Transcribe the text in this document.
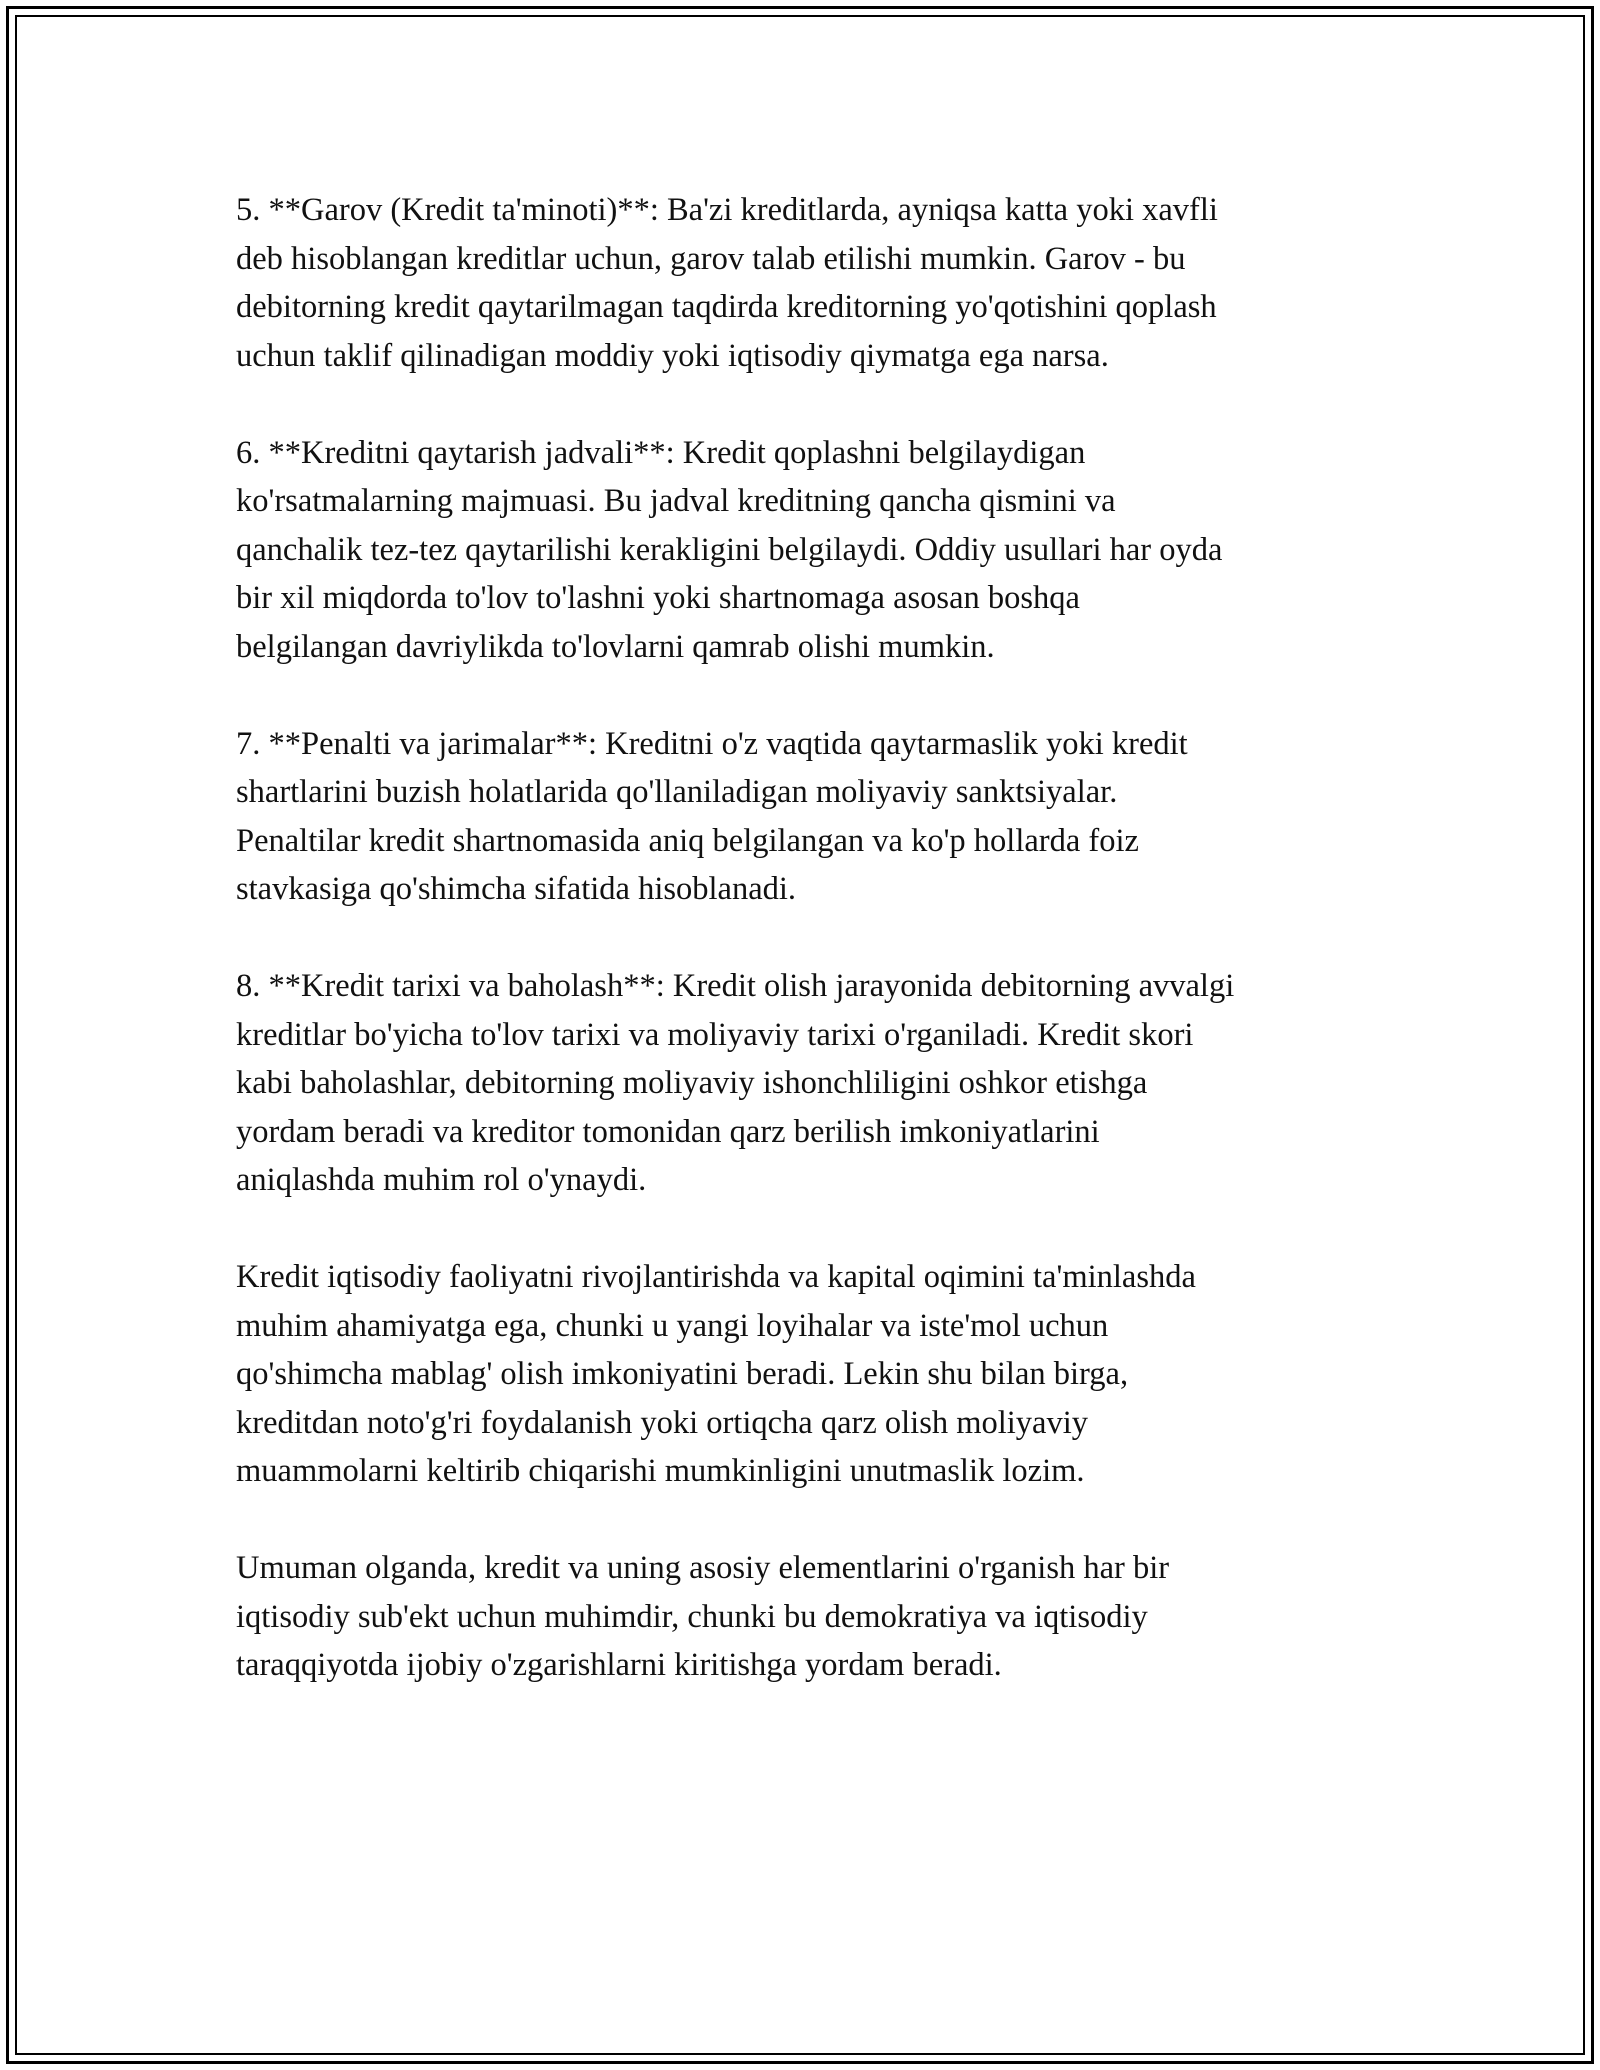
5. **Garov (Kredit ta'minoti)**: Ba'zi kreditlarda, ayniqsa katta yoki xavfli
deb hisoblangan kreditlar uchun, garov talab etilishi mumkin. Garov - bu
debitorning kredit qaytarilmagan taqdirda kreditorning yo'qotishini qoplash
uchun taklif qilinadigan moddiy yoki iqtisodiy qiymatga ega narsa.

6. **Kreditni qaytarish jadvali**: Kredit qoplashni belgilaydigan
ko'rsatmalarning majmuasi. Bu jadval kreditning qancha qismini va
qanchalik tez-tez qaytarilishi kerakligini belgilaydi. Oddiy usullari har oyda
bir xil miqdorda to'lov to'lashni yoki shartnomaga asosan boshqa
belgilangan davriylikda to'lovlarni qamrab olishi mumkin.

7. **Penalti va jarimalar**: Kreditni o'z vaqtida qaytarmaslik yoki kredit
shartlarini buzish holatlarida qo'llaniladigan moliyaviy sanktsiyalar.
Penaltilar kredit shartnomasida aniq belgilangan va ko'p hollarda foiz
stavkasiga qo'shimcha sifatida hisoblanadi.

8. **Kredit tarixi va baholash**: Kredit olish jarayonida debitorning avvalgi
kreditlar bo'yicha to'lov tarixi va moliyaviy tarixi o'rganiladi. Kredit skori
kabi baholashlar, debitorning moliyaviy ishonchliligini oshkor etishga
yordam beradi va kreditor tomonidan qarz berilish imkoniyatlarini
aniqlashda muhim rol o'ynaydi.

Kredit iqtisodiy faoliyatni rivojlantirishda va kapital oqimini ta'minlashda
muhim ahamiyatga ega, chunki u yangi loyihalar va iste'mol uchun
qo'shimcha mablag' olish imkoniyatini beradi. Lekin shu bilan birga,
kreditdan noto'g'ri foydalanish yoki ortiqcha qarz olish moliyaviy
muammolarni keltirib chiqarishi mumkinligini unutmaslik lozim.

Umuman olganda, kredit va uning asosiy elementlarini o'rganish har bir
iqtisodiy sub'ekt uchun muhimdir, chunki bu demokratiya va iqtisodiy
taraqqiyotda ijobiy o'zgarishlarni kiritishga yordam beradi.
